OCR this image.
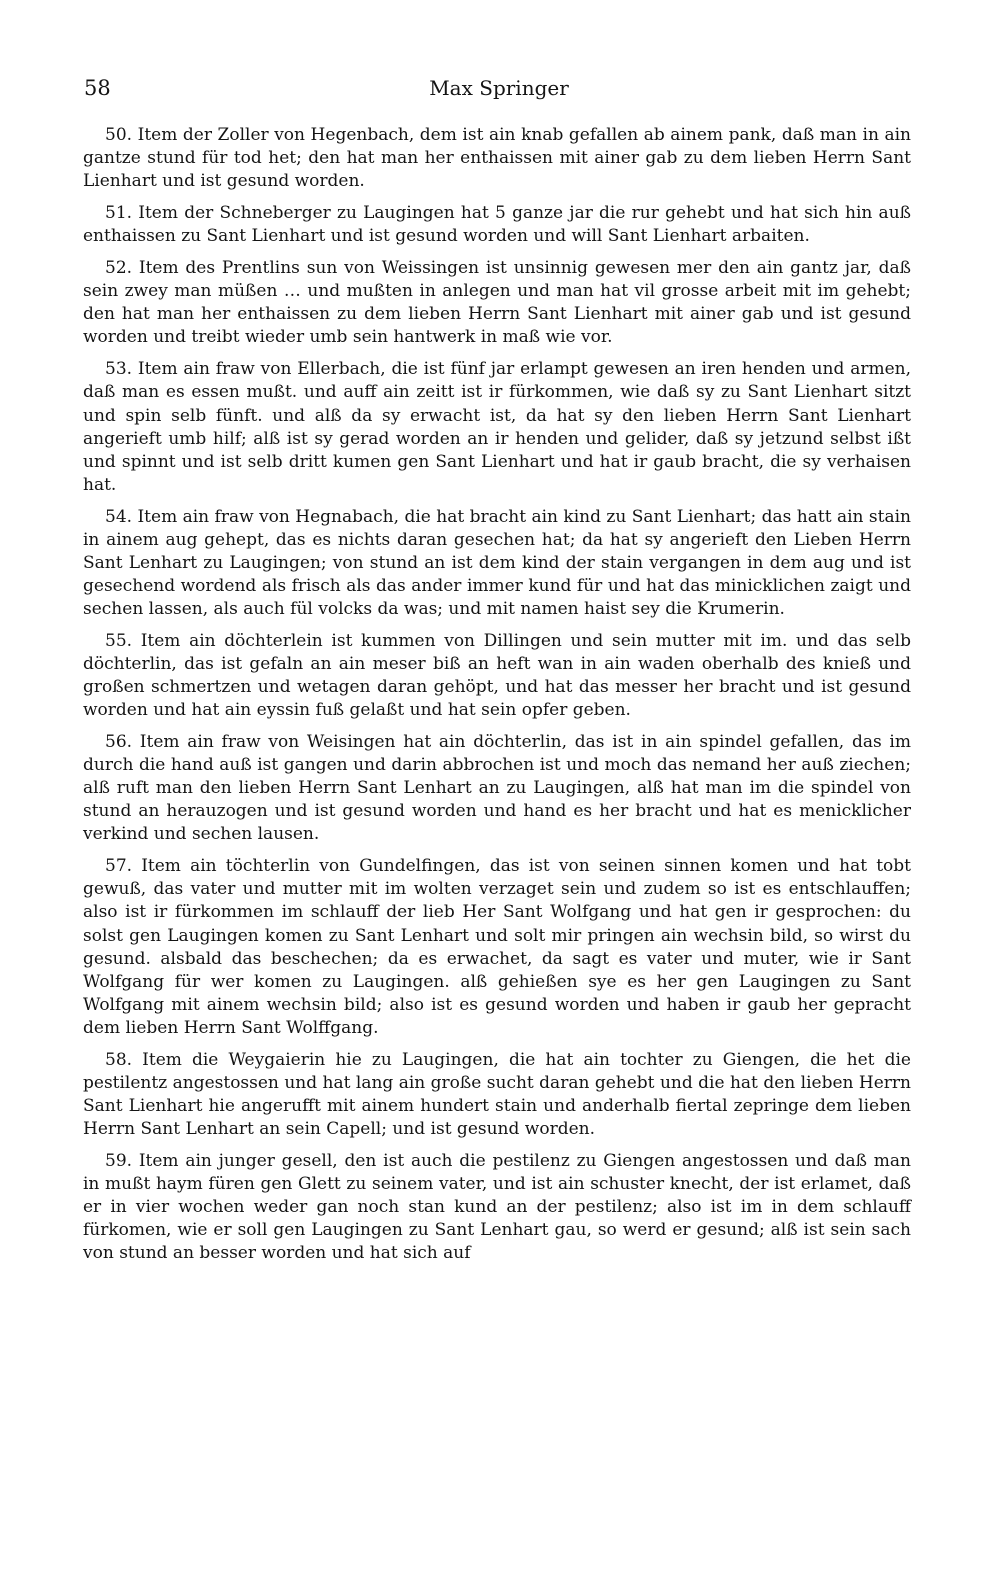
58	Max Springer

50. Item der Zoller von Hegenbach, dem ist ain knab gefallen ab ainem pank, daß man in ain gantze stund für tod het; den hat man her enthaissen mit ainer gab zu dem lieben Herrn Sant Lienhart und ist gesund worden.

51. Item der Schneberger zu Laugingen hat 5 ganze jar die rur gehebt und hat sich hin auß enthaissen zu Sant Lienhart und ist gesund worden und will Sant Lienhart arbaiten.

52. Item des Prentlins sun von Weissingen ist unsinnig gewesen mer den ain gantz jar, daß sein zwey man müßen … und mußten in anlegen und man hat vil grosse arbeit mit im gehebt; den hat man her enthaissen zu dem lieben Herrn Sant Lienhart mit ainer gab und ist gesund worden und treibt wieder umb sein hantwerk in maß wie vor.

53. Item ain fraw von Ellerbach, die ist fünf jar erlampt gewesen an iren henden und armen, daß man es essen mußt. und auff ain zeitt ist ir fürkommen, wie daß sy zu Sant Lienhart sitzt und spin selb fünft. und alß da sy erwacht ist, da hat sy den lieben Herrn Sant Lienhart angerieft umb hilf; alß ist sy gerad worden an ir henden und gelider, daß sy jetzund selbst ißt und spinnt und ist selb dritt kumen gen Sant Lienhart und hat ir gaub bracht, die sy verhaisen hat.

54. Item ain fraw von Hegnabach, die hat bracht ain kind zu Sant Lienhart; das hatt ain stain in ainem aug gehept, das es nichts daran gesechen hat; da hat sy angerieft den Lieben Herrn Sant Lenhart zu Laugingen; von stund an ist dem kind der stain vergangen in dem aug und ist gesechend wordend als frisch als das ander immer kund für und hat das minicklichen zaigt und sechen lassen, als auch fül volcks da was; und mit namen haist sey die Krumerin.

55. Item ain döchterlein ist kummen von Dillingen und sein mutter mit im. und das selb döchterlin, das ist gefaln an ain meser biß an heft wan in ain waden oberhalb des knieß und großen schmertzen und wetagen daran gehöpt, und hat das messer her bracht und ist gesund worden und hat ain eyssin fuß gelaßt und hat sein opfer geben.

56. Item ain fraw von Weisingen hat ain döchterlin, das ist in ain spindel gefallen, das im durch die hand auß ist gangen und darin abbrochen ist und moch das nemand her auß ziechen; alß ruft man den lieben Herrn Sant Lenhart an zu Laugingen, alß hat man im die spindel von stund an herauzogen und ist gesund worden und hand es her bracht und hat es menicklicher verkind und sechen lausen.

57. Item ain töchterlin von Gundelfingen, das ist von seinen sinnen komen und hat tobt gewuß, das vater und mutter mit im wolten verzaget sein und zudem so ist es entschlauffen; also ist ir fürkommen im schlauff der lieb Her Sant Wolfgang und hat gen ir gesprochen: du solst gen Laugingen komen zu Sant Lenhart und solt mir pringen ain wechsin bild, so wirst du gesund. alsbald das beschechen; da es erwachet, da sagt es vater und muter, wie ir Sant Wolfgang für wer komen zu Laugingen. alß gehießen sye es her gen Laugingen zu Sant Wolfgang mit ainem wechsin bild; also ist es gesund worden und haben ir gaub her gepracht dem lieben Herrn Sant Wolffgang.

58. Item die Weygaierin hie zu Laugingen, die hat ain tochter zu Giengen, die het die pestilentz angestossen und hat lang ain große sucht daran gehebt und die hat den lieben Herrn Sant Lienhart hie angerufft mit ainem hundert stain und anderhalb fiertal zepringe dem lieben Herrn Sant Lenhart an sein Capell; und ist gesund worden.

59. Item ain junger gesell, den ist auch die pestilenz zu Giengen angestossen und daß man in mußt haym füren gen Glett zu seinem vater, und ist ain schuster knecht, der ist erlamet, daß er in vier wochen weder gan noch stan kund an der pestilenz; also ist im in dem schlauff fürkomen, wie er soll gen Laugingen zu Sant Lenhart gau, so werd er gesund; alß ist sein sach von stund an besser worden und hat sich auf
